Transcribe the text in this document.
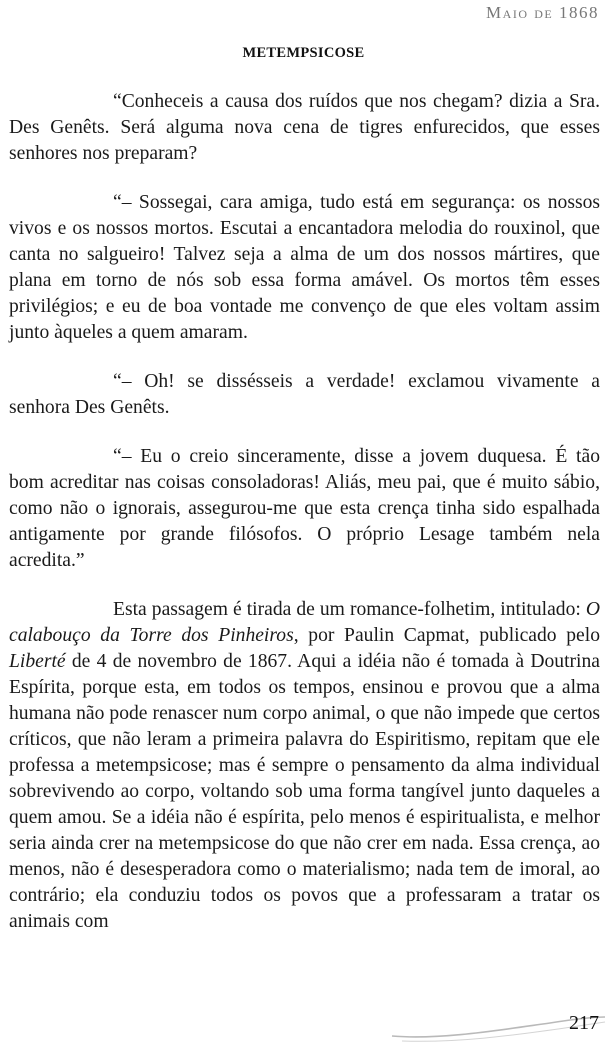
Maio de 1868
METEMPSICOSE

“Conheceis a causa dos ruídos que nos chegam? dizia a Sra. Des Genêts. Será alguma nova cena de tigres enfurecidos, que esses senhores nos preparam?

“– Sossegai, cara amiga, tudo está em segurança: os nossos vivos e os nossos mortos. Escutai a encantadora melodia do rouxinol, que canta no salgueiro! Talvez seja a alma de um dos nossos mártires, que plana em torno de nós sob essa forma amável. Os mortos têm esses privilégios; e eu de boa vontade me convenço de que eles voltam assim junto àqueles a quem amaram.

“– Oh! se dissésseis a verdade! exclamou vivamente a senhora Des Genêts.

“– Eu o creio sinceramente, disse a jovem duquesa. É tão bom acreditar nas coisas consoladoras! Aliás, meu pai, que é muito sábio, como não o ignorais, assegurou-me que esta crença tinha sido espalhada antigamente por grande filósofos. O próprio Lesage também nela acredita.”

Esta passagem é tirada de um romance-folhetim, intitulado: O calabouço da Torre dos Pinheiros, por Paulin Capmat, publicado pelo Liberté de 4 de novembro de 1867. Aqui a idéia não é tomada à Doutrina Espírita, porque esta, em todos os tempos, ensinou e provou que a alma humana não pode renascer num corpo animal, o que não impede que certos críticos, que não leram a primeira palavra do Espiritismo, repitam que ele professa a metempsicose; mas é sempre o pensamento da alma individual sobrevivendo ao corpo, voltando sob uma forma tangível junto daqueles a quem amou. Se a idéia não é espírita, pelo menos é espiritualista, e melhor seria ainda crer na metempsicose do que não crer em nada. Essa crença, ao menos, não é desesperadora como o materialismo; nada tem de imoral, ao contrário; ela conduziu todos os povos que a professaram a tratar os animais com

217
